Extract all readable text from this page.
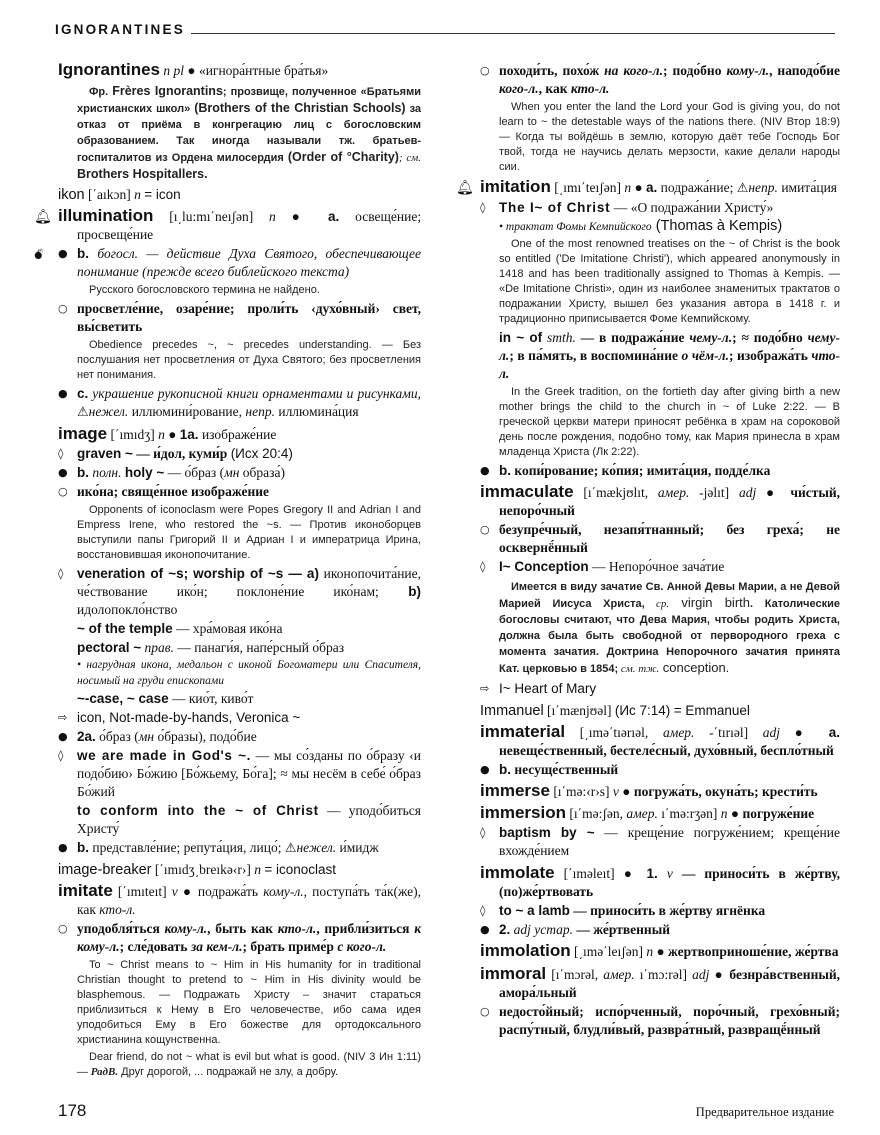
IGNORANTINES
Ignorantines n pl ● «игнора́нтные бра́тья»
Фр. Frères Ignorantins; прозвище, полученное «Братьями христианских школ» (Brothers of the Christian Schools) за отказ от приёма в конгрегацию лиц с богословским образованием. Так иногда называли тж. братьев-госпиталитов из Ордена милосердия (Order of °Charity); см. Brothers Hospitallers.
ikon [΄aıkɔn] n = icon
🔔︎ illumination [ı͵lu:mı΄neıʃən] n ● a. освеще́ние; просвеще́ние
💣︎ ● b. богосл. — действие Духа Святого, обеспечивающее понимание (прежде всего библейского текста)
Русского богословского термина не найдено.
○ просветле́ние, озаре́ние; проли́ть ‹духо́вный› свет, вы́светить
Obedience precedes ~, ~ precedes understanding. — Без послушания нет просветления от Духа Святого; без просветления нет понимания.
● c. украшение рукописной книги орнаментами и рисунками, ⚠нежел. иллюмини́рование, непр. иллюмина́ция
image [΄ımıdʒ] n ● 1a. изображе́ние
◊	graven ~ — и́дол, куми́р (Исх 20:4)
● b. полн. holy ~ — о́браз (мн образа́)
○ ико́на; свяще́нное изображе́ние
Opponents of iconoclasm were Popes Gregory II and Adrian I and Empress Irene, who restored the ~s. — Против иконоборцев выступили папы Григорий II и Адриан I и императрица Ирина, восстановившая иконопочитание.
◊	veneration of ~s; worship of ~s — a) иконопочита́ние, че́ствование ико́н; поклоне́ние ико́нам; b) идолопокло́нство
~ of the temple — хра́мовая ико́на
pectoral ~ прав. — панаги́я, напе́рсный о́браз
• нагрудная икона, медальон с иконой Богоматери или Спасителя, носимый на груди епископами
~-case, ~ case — кио́т, киво́т
⇨ icon, Not-made-by-hands, Veronica ~
● 2a. о́браз (мн о́бразы), подо́бие
◊	we are made in God's ~. — мы со́зданы по о́бразу ‹и подо́бию› Бо́жию [Бо́жьему, Бо́га]; ≈ мы несём в себе́ о́браз Бо́жий
to conform into the ~ of Christ — уподо́биться Христу́
● b. представле́ние; репута́ция, лицо́; ⚠нежел. и́мидж
image-breaker [΄ımıdʒ͵breıkə‹r›] n = iconoclast
imitate [΄ımıteıt] v ● подража́ть кому-л., поступа́ть та́к(же), как кто-л.
○ уподобля́ться кому-л., быть как кто-л., прибли́зиться к кому-л.; сле́довать за кем-л.; брать приме́р с кого-л.
To ~ Christ means to ~ Him in His humanity for in traditional Christian thought to pretend to ~ Him in His divinity would be blasphemous. — Подражать Христу – значит стараться приблизиться к Нему в Его человечестве, ибо сама идея уподобиться Ему в Его божестве для ортодоксального христианина кощунственна.
Dear friend, do not ~ what is evil but what is good. (NIV 3 Ин 1:11) — РадВ. Друг дорогой, ... подражай не злу, а добру.
○ походи́ть, похо́ж на кого-л.; подо́бно кому-л., наподо́бие кого-л., как кто-л.
When you enter the land the Lord your God is giving you, do not learn to ~ the detestable ways of the nations there. (NIV Втор 18:9) — Когда ты войдёшь в землю, которую даёт тебе Господь Бог твой, тогда не научись делать мерзости, какие делали народы сии.
🔔︎ imitation [͵ımı΄teıʃən] n ● a. подража́ние; ⚠непр. имита́ция
◊	The I~ of Christ — «О подража́нии Христу́»
• трактат Фомы Кемпийского (Thomas à Kempis)
One of the most renowned treatises on the ~ of Christ is the book so entitled ('De Imitatione Christi'), which appeared anonymously in 1418 and has been traditionally assigned to Thomas à Kempis. — «De Imitatione Christi», один из наиболее знаменитых трактатов о подражании Христу, вышел без указания автора в 1418 г. и традиционно приписывается Фоме Кемпийскому.
in ~ of smth. — в подража́ние чему-л.; ≈ подо́бно чему-л.; в па́мять, в воспомина́ние о чём-л.; изобража́ть что-л.
In the Greek tradition, on the fortieth day after giving birth a new mother brings the child to the church in ~ of Luke 2:22. — В греческой церкви матери приносят ребёнка в храм на сороковой день после рождения, подобно тому, как Мария принесла в храм младенца Христа (Лк 2:22).
● b. копи́рование; ко́пия; имита́ция, подде́лка
immaculate [ı΄mækjʊlıt, амер. -jəlıt] adj ● чи́стый, непоро́чный
○ безупре́чный, незапя́тнанный; без греха́; не осквернё́нный
◊	I~ Conception — Непоро́чное зача́тие
Имеется в виду зачатие Св. Анной Девы Марии, а не Девой Марией Иисуса Христа, ср. virgin birth. Католические богословы считают, что Дева Мария, чтобы родить Христа, должна была быть свободной от первородного греха с момента зачатия. Доктрина Непорочного зачатия принята Кат. церковью в 1854; см. тж. conception.
⇨ I~ Heart of Mary
Immanuel [ı΄mænjʊəl] (Ис 7:14) = Emmanuel
immaterial [͵ımə΄tıərıəl, амер. -΄tırıəl] adj ● a. невеще́ственный, бестеле́сный, духо́вный, беспло́тный
● b. несуще́ственный
immerse [ı΄mə:‹r›s] v ● погружа́ть, окуна́ть; крести́ть
immersion [ı΄mə:ʃən, амер. ı΄mə:rʒən] n ● погруже́ние
◊	baptism by ~ — креще́ние погруже́нием; креще́ние вхожде́нием
immolate [΄ıməleıt] ● 1. v — приноси́ть в же́ртву, (по)же́ртвовать
◊	to ~ a lamb — приноси́ть в же́ртву ягнёнка
● 2. adj устар. — же́ртвенный
immolation [͵ımə΄leıʃən] n ● жертвоприноше́ние, же́ртва
immoral [ı΄mɔrəl, амер. ı΄mɔ:rəl] adj ● безнра́вственный, амора́льный
○ недосто́йный; испо́рченный, поро́чный, грехо́вный; распу́тный, блудли́вый, развра́тный, развращё́нный
178	Предварительное издание
